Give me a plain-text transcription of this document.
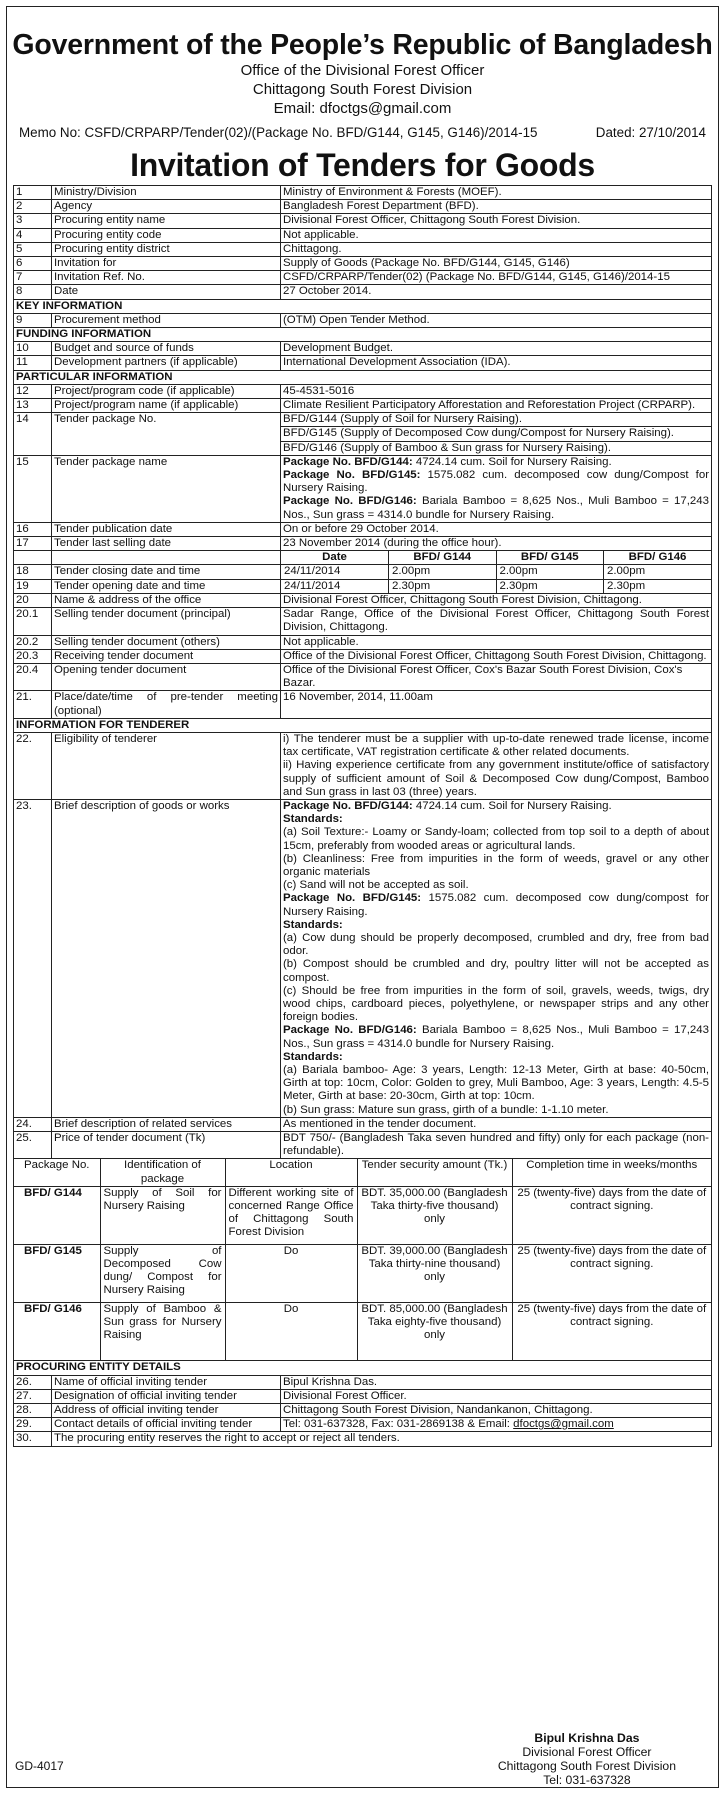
Government of the People’s Republic of Bangladesh
Office of the Divisional Forest Officer
Chittagong South Forest Division
Email: dfoctgs@gmail.com
Memo No: CSFD/CRPARP/Tender(02)/(Package No. BFD/G144, G145, G146)/2014-15	Dated: 27/10/2014
Invitation of Tenders for Goods
1	Ministry/Division	Ministry of Environment & Forests (MOEF).
2	Agency	Bangladesh Forest Department (BFD).
3	Procuring entity name	Divisional Forest Officer, Chittagong South Forest Division.
4	Procuring entity code	Not applicable.
5	Procuring entity district	Chittagong.
6	Invitation for	Supply of Goods (Package No. BFD/G144, G145, G146)
7	Invitation Ref. No.	CSFD/CRPARP/Tender(02) (Package No. BFD/G144, G145, G146)/2014-15
8	Date	27 October 2014.
KEY INFORMATION
9	Procurement method	(OTM) Open Tender Method.
FUNDING INFORMATION
10	Budget and source of funds	Development Budget.
11	Development partners (if applicable)	International Development Association (IDA).
PARTICULAR INFORMATION
12	Project/program code (if applicable)	45-4531-5016
13	Project/program name (if applicable)	Climate Resilient Participatory Afforestation and Reforestation Project (CRPARP).
14	Tender package No.	BFD/G144 (Supply of Soil for Nursery Raising).
BFD/G145 (Supply of Decomposed Cow dung/Compost for Nursery Raising).
BFD/G146 (Supply of Bamboo & Sun grass for Nursery Raising).

15	Tender package name	Package No. BFD/G144: 4724.14 cum. Soil for Nursery Raising.
Package No. BFD/G145: 1575.082 cum. decomposed cow dung/Compost for Nursery Raising.
Package No. BFD/G146: Bariala Bamboo = 8,625 Nos., Muli Bamboo = 17,243 Nos., Sun grass = 4314.0 bundle for Nursery Raising.

16	Tender publication date	On or before 29 October 2014.
17	Tender last selling date	23 November 2014 (during the office hour).

Date	BFD/ G144	BFD/ G145	BFD/ G146

18	Tender closing date and time		24/11/2014	2.00pm	2.00pm	2.00pm

19	Tender opening date and time		24/11/2014	2.30pm	2.30pm	2.30pm

20	Name & address of the office	Divisional Forest Officer, Chittagong South Forest Division, Chittagong.
20.1	Selling tender document (principal)	Sadar Range, Office of the Divisional Forest Officer, Chittagong South Forest Division, Chittagong.
20.2	Selling tender document (others)	Not applicable.
20.3	Receiving tender document	Office of the Divisional Forest Officer, Chittagong South Forest Division, Chittagong.
20.4	Opening tender document	Office of the Divisional Forest Officer, Cox's Bazar South Forest Division, Cox's Bazar.
21.	Place/date/time of pre-tender meeting (optional)	16 November, 2014, 11.00am
INFORMATION FOR TENDERER
22.	Eligibility of tenderer	i) The tenderer must be a supplier with up-to-date renewed trade license, income tax certificate, VAT registration certificate & other related documents.
ii) Having experience certificate from any government institute/office of satisfactory supply of sufficient amount of Soil & Decomposed Cow dung/Compost, Bamboo and Sun grass in last 03 (three) years.

23.	Brief description of goods or works	Package No. BFD/G144: 4724.14 cum. Soil for Nursery Raising.
Standards:
(a) Soil Texture:- Loamy or Sandy-loam; collected from top soil to a depth of about 15cm, preferably from wooded areas or agricultural lands.
(b) Cleanliness: Free from impurities in the form of weeds, gravel or any other organic materials
(c) Sand will not be accepted as soil.
Package No. BFD/G145: 1575.082 cum. decomposed cow dung/compost for Nursery Raising.
Standards:
(a) Cow dung should be properly decomposed, crumbled and dry, free from bad odor.
(b) Compost should be crumbled and dry, poultry litter will not be accepted as compost.
(c) Should be free from impurities in the form of soil, gravels, weeds, twigs, dry wood chips, cardboard pieces, polyethylene, or newspaper strips and any other foreign bodies.
Package No. BFD/G146: Bariala Bamboo = 8,625 Nos., Muli Bamboo = 17,243 Nos., Sun grass = 4314.0 bundle for Nursery Raising.
Standards:
(a) Bariala bamboo- Age: 3 years, Length: 12-13 Meter, Girth at base: 40-50cm, Girth at top: 10cm, Color: Golden to grey, Muli Bamboo, Age: 3 years, Length: 4.5-5 Meter, Girth at base: 20-30cm, Girth at top: 10cm.
(b) Sun grass: Mature sun grass, girth of a bundle: 1-1.10 meter.

24.	Brief description of related services	As mentioned in the tender document.
25.	Price of tender document (Tk)	BDT 750/- (Bangladesh Taka seven hundred and fifty) only for each package (non-refundable).

Package No.	Identification of package	Location	Tender security amount (Tk.)	Completion time in weeks/months
BFD/ G144	Supply of Soil for Nursery Raising	Different working site of concerned Range Office of Chittagong South Forest Division	BDT. 35,000.00 (Bangladesh Taka thirty-five thousand) only	25 (twenty-five) days from the date of contract signing.
BFD/ G145	Supply of Decomposed Cow dung/ Compost for Nursery Raising	Do	BDT. 39,000.00 (Bangladesh Taka thirty-nine thousand) only	25 (twenty-five) days from the date of contract signing.
BFD/ G146	Supply of Bamboo & Sun grass for Nursery Raising	Do	BDT. 85,000.00 (Bangladesh Taka eighty-five thousand) only	25 (twenty-five) days from the date of contract signing.

PROCURING ENTITY DETAILS
26.	Name of official inviting tender	Bipul Krishna Das.
27.	Designation of official inviting tender	Divisional Forest Officer.
28.	Address of official inviting tender	Chittagong South Forest Division, Nandankanon, Chittagong.
29.	Contact details of official inviting tender	Tel: 031-637328, Fax: 031-2869138 & Email: dfoctgs@gmail.com
30.	The procuring entity reserves the right to accept or reject all tenders.
GD-4017
Bipul Krishna Das
Divisional Forest Officer
Chittagong South Forest Division
Tel: 031-637328
